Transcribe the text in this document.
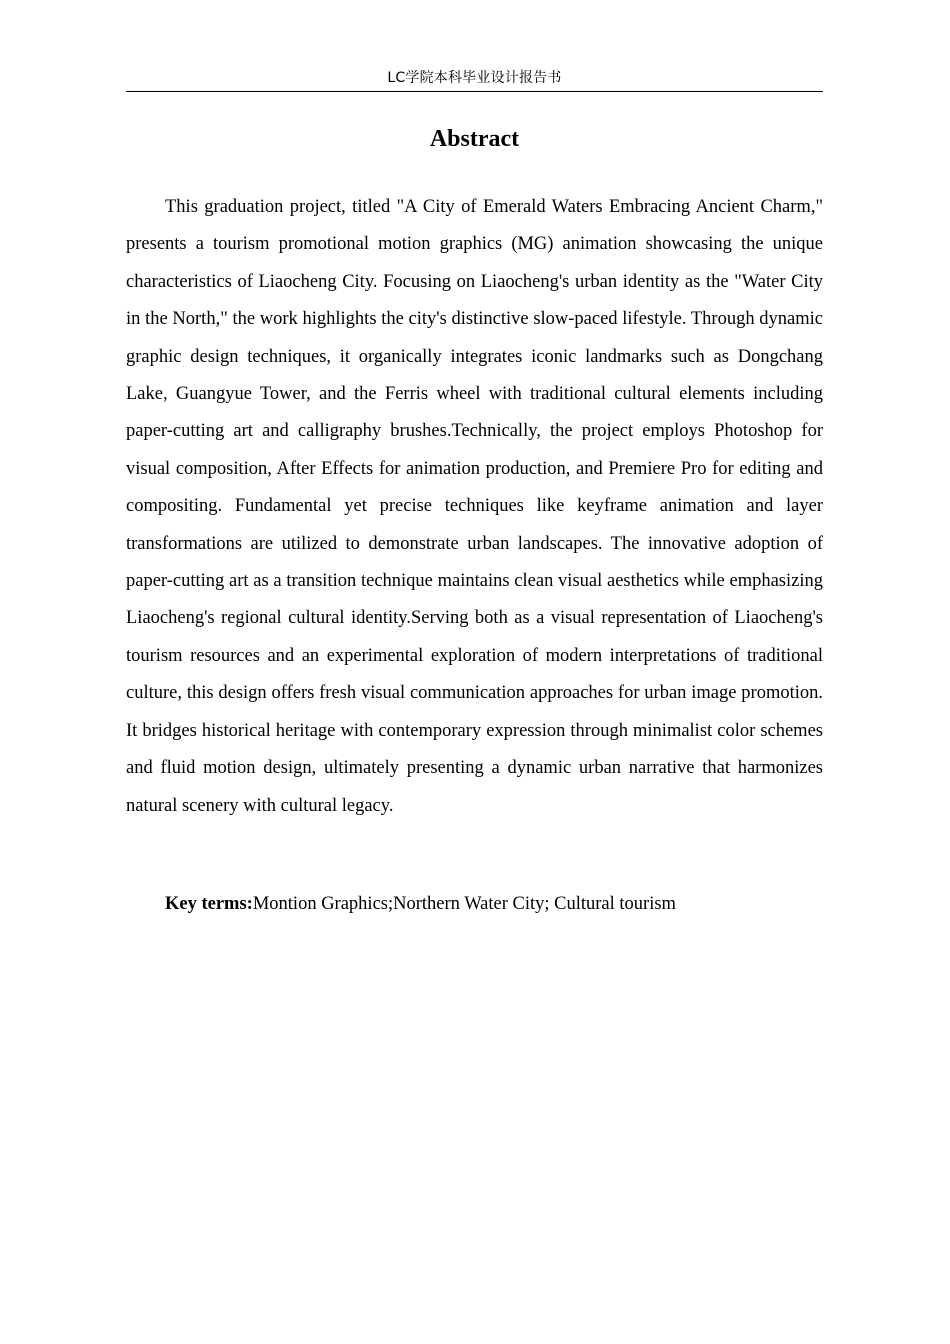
LC学院本科毕业设计报告书
Abstract

This graduation project, titled "A City of Emerald Waters Embracing Ancient Charm," presents a tourism promotional motion graphics (MG) animation showcasing the unique characteristics of Liaocheng City. Focusing on Liaocheng's urban identity as the "Water City in the North," the work highlights the city's distinctive slow-paced lifestyle. Through dynamic graphic design techniques, it organically integrates iconic landmarks such as Dongchang Lake, Guangyue Tower, and the Ferris wheel with traditional cultural elements including paper-cutting art and calligraphy brushes.Technically, the project employs Photoshop for visual composition, After Effects for animation production, and Premiere Pro for editing and compositing. Fundamental yet precise techniques like keyframe animation and layer transformations are utilized to demonstrate urban landscapes. The innovative adoption of paper-cutting art as a transition technique maintains clean visual aesthetics while emphasizing Liaocheng's regional cultural identity.Serving both as a visual representation of Liaocheng's tourism resources and an experimental exploration of modern interpretations of traditional culture, this design offers fresh visual communication approaches for urban image promotion. It bridges historical heritage with contemporary expression through minimalist color schemes and fluid motion design, ultimately presenting a dynamic urban narrative that harmonizes natural scenery with cultural legacy.

Key terms:Montion Graphics;Northern Water City; Cultural tourism
